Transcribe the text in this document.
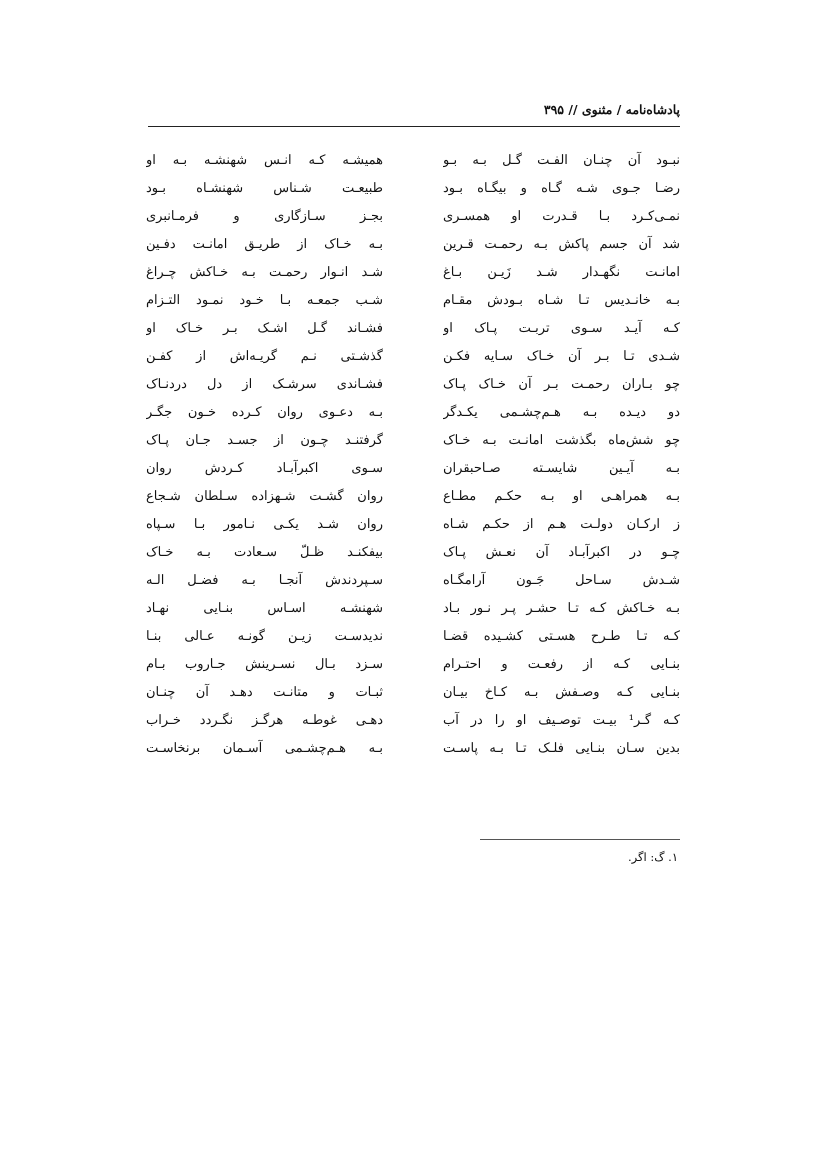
پادشاه‌نامه / مثنوی // ۳۹۵
نبـود آن چنـان الفـت گـل بـه بـو
رضـا جـوی شـه گـاه و بیگـاه بـود
نمـی‌کـرد بـا قـدرت او همسـری
شد آن جسم پاکش بـه رحمـت قـرین
امانـت نگهـدار شـد زَیـن بـاغ
بـه خانـدیس تـا شـاه بـودش مقـام
کـه آیـد سـوی تربـت پـاک او
شـدی تـا بـر آن خـاک سـایه فکـن
چو بـاران رحمـت بـر آن خـاک پـاک
دو دیـده بـه هـم‌چشـمی یکـدگر
چو شش‌ماه بگذشت امانـت بـه خـاک
بـه آیـین شایسـته صـاحبقران
بـه همراهـی او بـه حکـم مطـاع
ز ارکـان دولـت هـم از حکـم شـاه
چـو در اکبرآبـاد آن نعـش پـاک
شـدش سـاحل جَـون آرامگـاه
بـه خـاکش کـه تـا حشـر پـر نـور بـاد
کـه تـا طـرح هسـتی کشـیده قضـا
بنـایی کـه از رفعـت و احتـرام
بنـایی کـه وصـفش بـه کـاخ بیـان
کـه گـر¹ بیـت توصـیف او را در آب
بدین سـان بنـایی فلـک تـا بـه پاسـت
همیشـه کـه انـس شهنشـه بـه او
طبیعـت شـناس شهنشـاه بـود
بجـز سـازگاری و فرمـانبری
بـه خـاک از طریـق امانـت دفـین
شـد انـوار رحمـت بـه خـاکش چـراغ
شـب جمعـه بـا خـود نمـود التـزام
فشـاند گـل اشـک بـر خـاک او
گذشـتی نـم گریـه‌اش از کفـن
فشـاندی سرشـک از دل دردنـاک
بـه دعـوی روان کـرده خـون جگـر
گرفتنـد چـون از جسـد جـان پـاک
سـوی اکبرآبـاد کـردش روان
روان گشـت شـهزاده سـلطان شـجاع
روان شـد یکـی نـامور بـا سـپاه
بیفکنـد ظـلّ سـعادت بـه خـاک
سـپردندش آنجـا بـه فضـل الـه
شهنشـه اسـاس بنـایی نهـاد
ندیدسـت زیـن گونـه عـالی بنـا
سـزد بـال نسـرینش جـاروب بـام
ثبـات و متانـت دهـد آن چنـان
دهـی غوطـه هرگـز نگـردد خـراب
بـه هـم‌چشـمی آسـمان برنخاسـت
۱. گ: اگر.
